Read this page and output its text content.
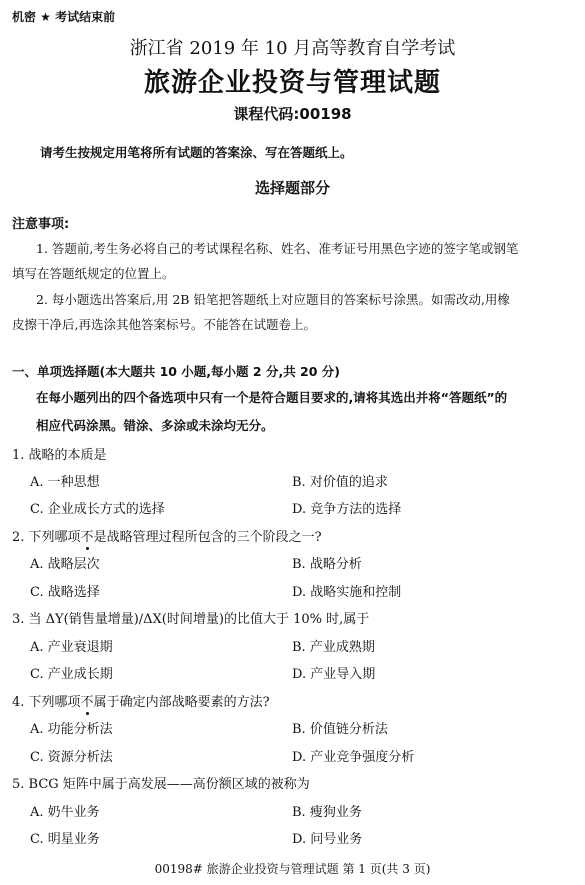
机密 ★ 考试结束前
浙江省 2019 年 10 月高等教育自学考试
旅游企业投资与管理试题
课程代码:00198
请考生按规定用笔将所有试题的答案涂、写在答题纸上。
选择题部分
注意事项:
1. 答题前,考生务必将自己的考试课程名称、姓名、准考证号用黑色字迹的签字笔或钢笔
填写在答题纸规定的位置上。
2. 每小题选出答案后,用 2B 铅笔把答题纸上对应题目的答案标号涂黑。如需改动,用橡
皮擦干净后,再选涂其他答案标号。不能答在试题卷上。
一、单项选择题(本大题共 10 小题,每小题 2 分,共 20 分)
在每小题列出的四个备选项中只有一个是符合题目要求的,请将其选出并将“答题纸”的
相应代码涂黑。错涂、多涂或未涂均无分。
1. 战略的本质是
A. 一种思想	B. 对价值的追求
C. 企业成长方式的选择	D. 竞争方法的选择
2. 下列哪项不是战略管理过程所包含的三个阶段之一?
A. 战略层次	B. 战略分析
C. 战略选择	D. 战略实施和控制
3. 当 ΔY(销售量增量)/ΔX(时间增量)的比值大于 10% 时,属于
A. 产业衰退期	B. 产业成熟期
C. 产业成长期	D. 产业导入期
4. 下列哪项不属于确定内部战略要素的方法?
A. 功能分析法	B. 价值链分析法
C. 资源分析法	D. 产业竞争强度分析
5. BCG 矩阵中属于高发展——高份额区域的被称为
A. 奶牛业务	B. 瘦狗业务
C. 明星业务	D. 问号业务
00198# 旅游企业投资与管理试题 第 1 页(共 3 页)
